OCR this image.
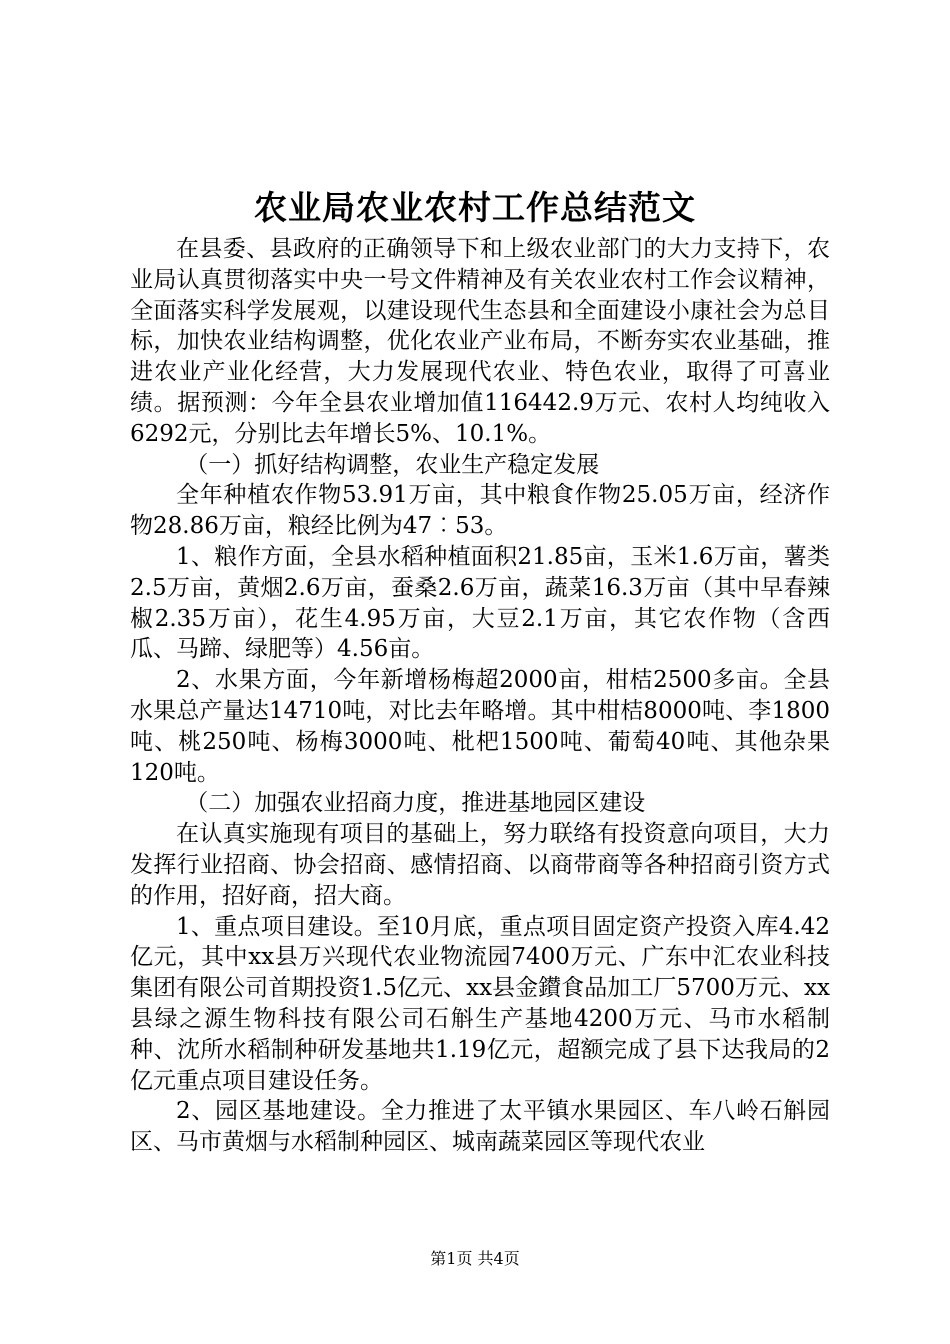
农业局农业农村工作总结范文

在县委、县政府的正确领导下和上级农业部门的大力支持下，农业局认真贯彻落实中央一号文件精神及有关农业农村工作会议精神，全面落实科学发展观，以建设现代生态县和全面建设小康社会为总目标，加快农业结构调整，优化农业产业布局，不断夯实农业基础，推进农业产业化经营，大力发展现代农业、特色农业，取得了可喜业绩。据预测：今年全县农业增加值116442.9万元、农村人均纯收入6292元，分别比去年增长5%、10.1%。

（一）抓好结构调整，农业生产稳定发展

全年种植农作物53.91万亩，其中粮食作物25.05万亩，经济作物28.86万亩，粮经比例为47︰53。

1、粮作方面，全县水稻种植面积21.85亩，玉米1.6万亩，薯类2.5万亩，黄烟2.6万亩，蚕桑2.6万亩，蔬菜16.3万亩（其中早春辣椒2.35万亩），花生4.95万亩，大豆2.1万亩，其它农作物（含西瓜、马蹄、绿肥等）4.56亩。

2、水果方面，今年新增杨梅超2000亩，柑桔2500多亩。全县水果总产量达14710吨，对比去年略增。其中柑桔8000吨、李1800吨、桃250吨、杨梅3000吨、枇杷1500吨、葡萄40吨、其他杂果120吨。

（二）加强农业招商力度，推进基地园区建设

在认真实施现有项目的基础上，努力联络有投资意向项目，大力发挥行业招商、协会招商、感情招商、以商带商等各种招商引资方式的作用，招好商，招大商。

1、重点项目建设。至10月底，重点项目固定资产投资入库4.42亿元，其中xx县万兴现代农业物流园7400万元、广东中汇农业科技集团有限公司首期投资1.5亿元、xx县金鑚食品加工厂5700万元、xx县绿之源生物科技有限公司石斛生产基地4200万元、马市水稻制种、沈所水稻制种研发基地共1.19亿元，超额完成了县下达我局的2亿元重点项目建设任务。

2、园区基地建设。全力推进了太平镇水果园区、车八岭石斛园区、马市黄烟与水稻制种园区、城南蔬菜园区等现代农业

第1页 共4页
